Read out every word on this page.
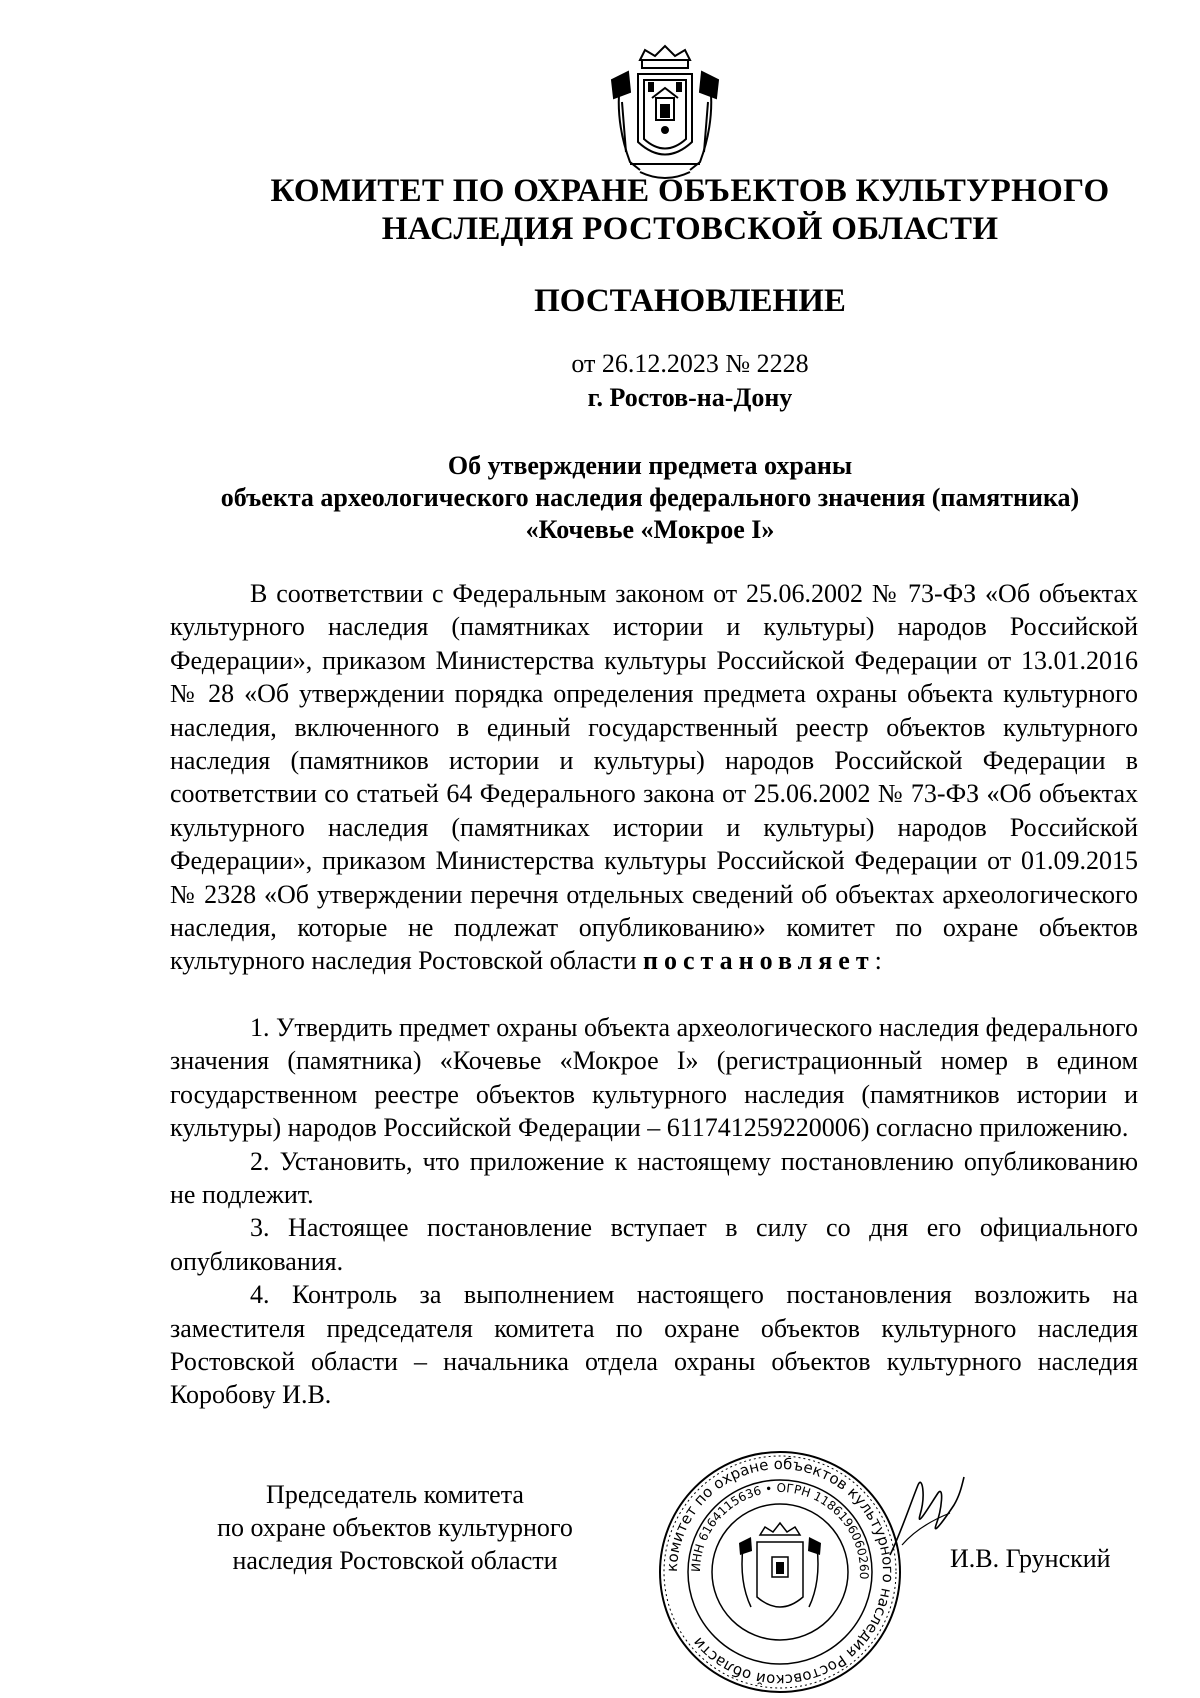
КОМИТЕТ ПО ОХРАНЕ ОБЪЕКТОВ КУЛЬТУРНОГО
НАСЛЕДИЯ РОСТОВСКОЙ ОБЛАСТИ
ПОСТАНОВЛЕНИЕ
от 26.12.2023 № 2228
г. Ростов-на-Дону
Об утверждении предмета охраны
объекта археологического наследия федерального значения (памятника)
«Кочевье «Мокрое I»

В соответствии с Федеральным законом от 25.06.2002 № 73-ФЗ «Об объектах культурного наследия (памятниках истории и культуры) народов Российской Федерации», приказом Министерства культуры Российской Федерации от 13.01.2016 № 28 «Об утверждении порядка определения предмета охраны объекта культурного наследия, включенного в единый государственный реестр объектов культурного наследия (памятников истории и культуры) народов Российской Федерации в соответствии со статьей 64 Федерального закона от 25.06.2002 № 73-ФЗ «Об объектах культурного наследия (памятниках истории и культуры) народов Российской Федерации», приказом Министерства культуры Российской Федерации от 01.09.2015 № 2328 «Об утверждении перечня отдельных сведений об объектах археологического наследия, которые не подлежат опубликованию» комитет по охране объектов культурного наследия Ростовской области постановляет:

1. Утвердить предмет охраны объекта археологического наследия федерального значения (памятника) «Кочевье «Мокрое I» (регистрационный номер в едином государственном реестре объектов культурного наследия (памятников истории и культуры) народов Российской Федерации – 611741259220006) согласно приложению.

2. Установить, что приложение к настоящему постановлению опубликованию не подлежит.

3. Настоящее постановление вступает в силу со дня его официального опубликования.

4. Контроль за выполнением настоящего постановления возложить на заместителя председателя комитета по охране объектов культурного наследия Ростовской области – начальника отдела охраны объектов культурного наследия Коробову И.В.

Председатель комитета
по охране объектов культурного
наследия Ростовской области	комитет по охране объектов культурного наследия Ростовской области
ИНН 6164115636 • ОГРН 1186196060260
И.В. Грунский
